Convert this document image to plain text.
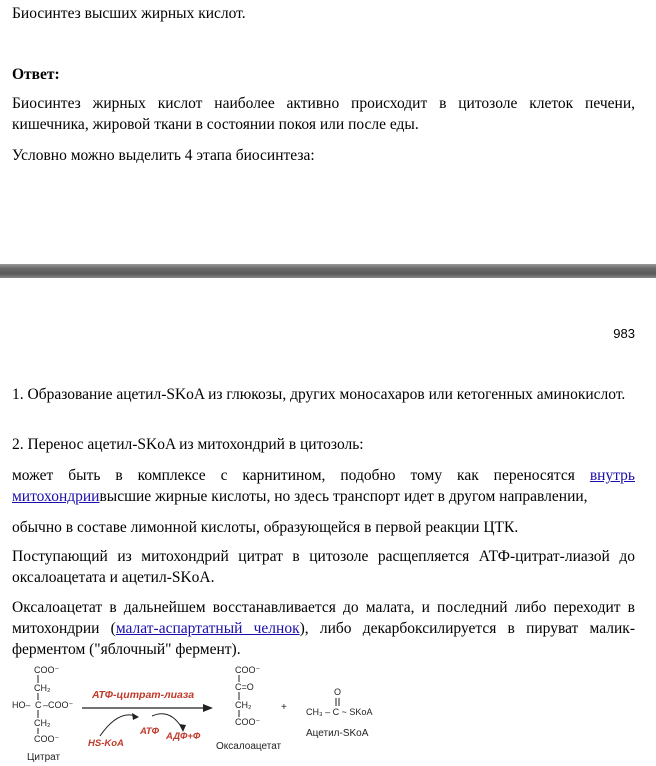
Биосинтез высших жирных кислот.
Ответ:
Биосинтез жирных кислот наиболее активно происходит в цитозоле клеток печени, кишечника, жировой ткани в состоянии покоя или после еды.
Условно можно выделить 4 этапа биосинтеза:
983
1. Образование ацетил-SKoA из глюкозы, других моносахаров или кетогенных аминокислот.
2. Перенос ацетил-SKoA из митохондрий в цитозоль:
может быть в комплексе с карнитином, подобно тому как переносятся внутрь митохондриивысшие жирные кислоты, но здесь транспорт идет в другом направлении,
обычно в составе лимонной кислоты, образующейся в первой реакции ЦТК.
Поступающий из митохондрий цитрат в цитозоле расщепляется АТФ-цитрат-лиазой до оксалоацетата и ацетил-SKoA.
Оксалоацетат в дальнейшем восстанавливается до малата, и последний либо переходит в митохондрии (малат-аспартатный челнок), либо декарбоксилируется в пируват малик-ферментом ("яблочный" фермент).
COO⁻
CH₂
HO– C –COO⁻
CH₂
COO⁻
Цитрат
АТФ-цитрат-лиаза
HS-KoA
АТФ АДФ+Ф
COO⁻
C=O
CH₂
COO⁻
Оксалоацетат
+
O
CH₃ – C ~ SKoA
Ацетил-SKoA
